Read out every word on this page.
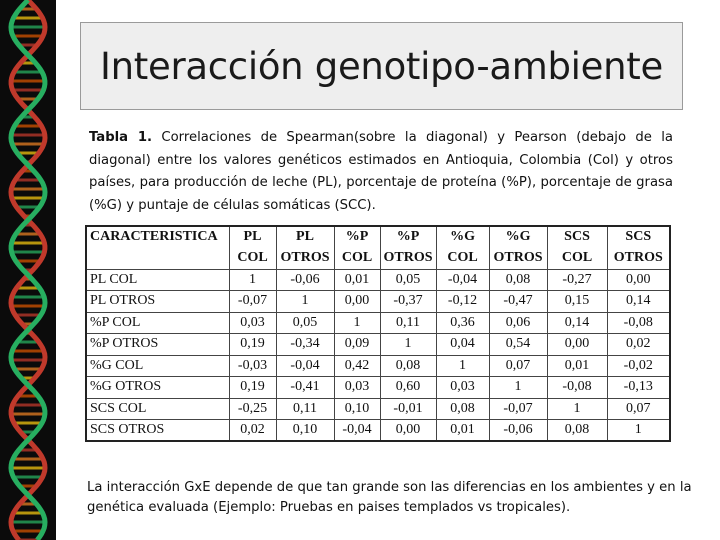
Interacción genotipo-ambiente
Tabla 1. Correlaciones de Spearman(sobre la diagonal) y Pearson (debajo de la diagonal) entre los valores genéticos estimados en Antioquia, Colombia (Col) y otros países, para producción de leche (PL), porcentaje de proteína (%P), porcentaje de grasa (%G) y puntaje de células somáticas (SCC).
CARACTERISTICA	PL	PL	%P	%P	%G	%G	SCS	SCS
	COL	OTROS	COL	OTROS	COL	OTROS	COL	OTROS
PL COL	1	-0,06	0,01	0,05	-0,04	0,08	-0,27	0,00
PL OTROS	-0,07	1	0,00	-0,37	-0,12	-0,47	0,15	0,14
%P COL	0,03	0,05	1	0,11	0,36	0,06	0,14	-0,08
%P OTROS	0,19	-0,34	0,09	1	0,04	0,54	0,00	0,02
%G COL	-0,03	-0,04	0,42	0,08	1	0,07	0,01	-0,02
%G OTROS	0,19	-0,41	0,03	0,60	0,03	1	-0,08	-0,13
SCS COL	-0,25	0,11	0,10	-0,01	0,08	-0,07	1	0,07
SCS OTROS	0,02	0,10	-0,04	0,00	0,01	-0,06	0,08	1
La interacción GxE depende de que tan grande son las diferencias en los ambientes y en la genética evaluada (Ejemplo: Pruebas en paises templados vs tropicales).
